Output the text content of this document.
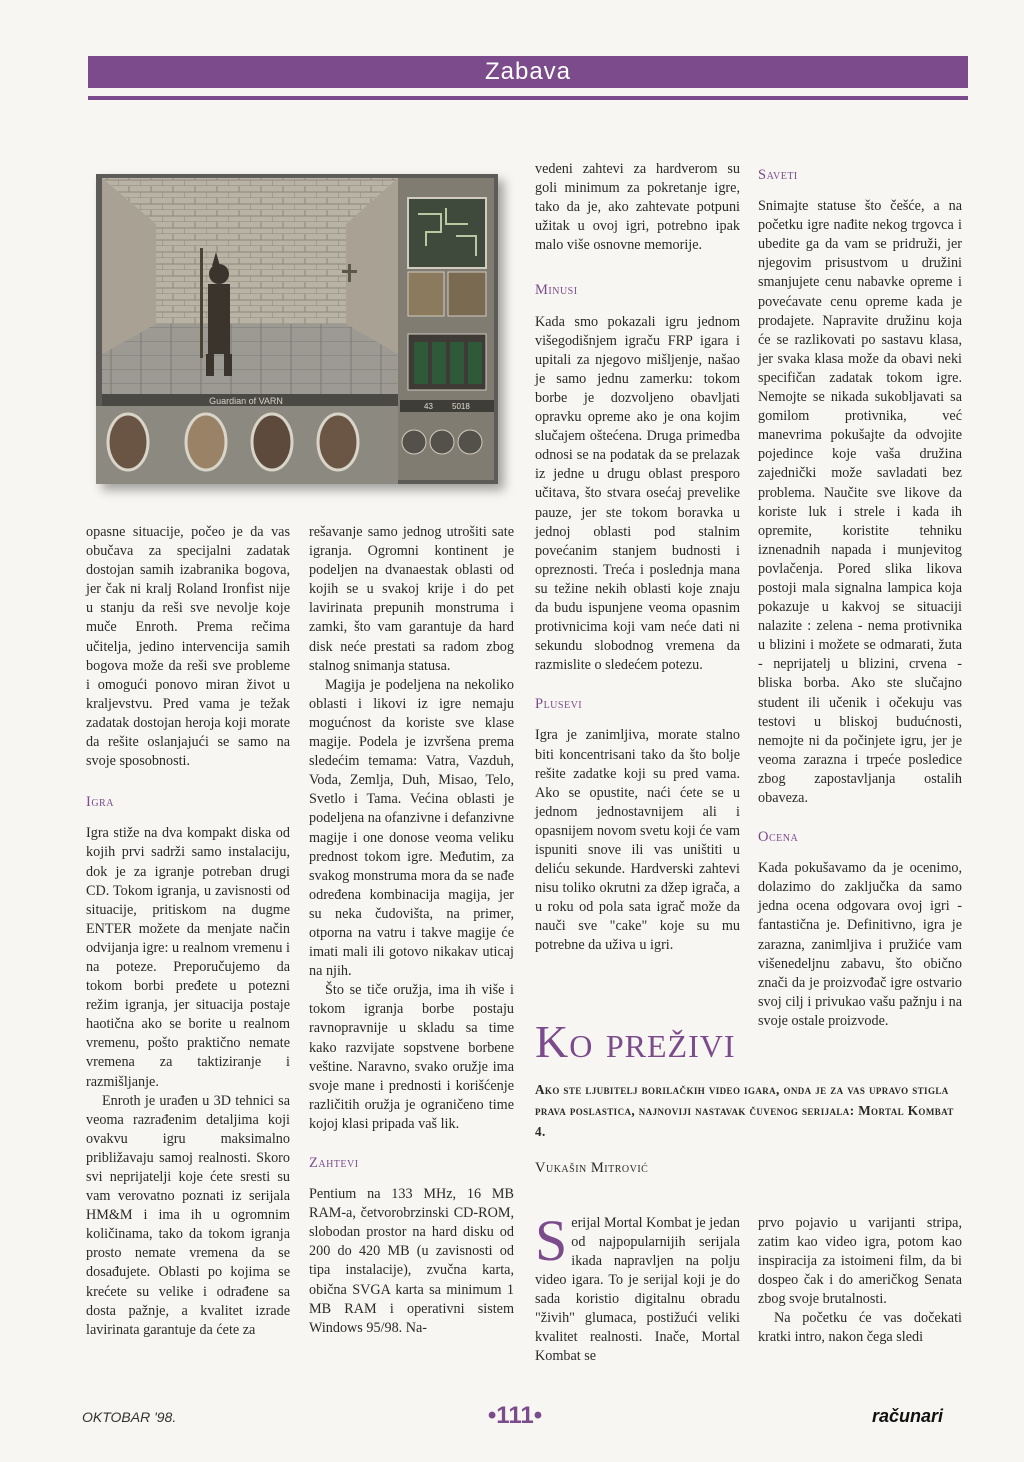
Zabava
Guardian of VARN
43 5018

opasne situacije, počeo je da vas obučava za specijalni zadatak dostojan samih izabranika bogova, jer čak ni kralj Roland Ironfist nije u stanju da reši sve nevolje koje muče Enroth. Prema rečima učitelja, jedino intervencija samih bogova može da reši sve probleme i omogući ponovo miran život u kraljevstvu. Pred vama je težak zadatak dostojan heroja koji morate da rešite oslanjajući se samo na svoje sposobnosti.

Igra

Igra stiže na dva kompakt diska od kojih prvi sadrži samo instalaciju, dok je za igranje potreban drugi CD. Tokom igranja, u zavisnosti od situacije, pritiskom na dugme ENTER možete da menjate način odvijanja igre: u realnom vremenu i na poteze. Preporučujemo da tokom borbi pređete u potezni režim igranja, jer situacija postaje haotična ako se borite u realnom vremenu, pošto praktično nemate vremena za taktiziranje i razmišljanje.

Enroth je urađen u 3D tehnici sa veoma razrađenim detaljima koji ovakvu igru maksimalno približavaju samoj realnosti. Skoro svi neprijatelji koje ćete sresti su vam verovatno poznati iz serijala HM&M i ima ih u ogromnim količinama, tako da tokom igranja prosto nemate vremena da se dosađujete. Oblasti po kojima se krećete su velike i odrađene sa dosta pažnje, a kvalitet izrade lavirinata garantuje da ćete za

rešavanje samo jednog utrošiti sate igranja. Ogromni kontinent je podeljen na dvanaestak oblasti od kojih se u svakoj krije i do pet lavirinata prepunih monstruma i zamki, što vam garantuje da hard disk neće prestati sa radom zbog stalnog snimanja statusa.

Magija je podeljena na nekoliko oblasti i likovi iz igre nemaju mogućnost da koriste sve klase magije. Podela je izvršena prema sledećim temama: Vatra, Vazduh, Voda, Zemlja, Duh, Misao, Telo, Svetlo i Tama. Većina oblasti je podeljena na ofanzivne i defanzivne magije i one donose veoma veliku prednost tokom igre. Međutim, za svakog monstruma mora da se nađe određena kombinacija magija, jer su neka čudovišta, na primer, otporna na vatru i takve magije će imati mali ili gotovo nikakav uticaj na njih.

Što se tiče oružja, ima ih više i tokom igranja borbe postaju ravnopravnije u skladu sa time kako razvijate sopstvene borbene veštine. Naravno, svako oružje ima svoje mane i prednosti i korišćenje različitih oružja je ograničeno time kojoj klasi pripada vaš lik.

Zahtevi

Pentium na 133 MHz, 16 MB RAM-a, četvorobrzinski CD-ROM, slobodan prostor na hard disku od 200 do 420 MB (u zavisnosti od tipa instalacije), zvučna karta, obična SVGA karta sa minimum 1 MB RAM i operativni sistem Windows 95/98. Na-

vedeni zahtevi za hardverom su goli minimum za pokretanje igre, tako da je, ako zahtevate potpuni užitak u ovoj igri, potrebno ipak malo više osnovne memorije.

Minusi

Kada smo pokazali igru jednom višegodišnjem igraču FRP igara i upitali za njegovo mišljenje, našao je samo jednu zamerku: tokom borbe je dozvoljeno obavljati opravku opreme ako je ona kojim slučajem oštećena. Druga primedba odnosi se na podatak da se prelazak iz jedne u drugu oblast presporo učitava, što stvara osećaj prevelike pauze, jer ste tokom boravka u jednoj oblasti pod stalnim povećanim stanjem budnosti i opreznosti. Treća i poslednja mana su težine nekih oblasti koje znaju da budu ispunjene veoma opasnim protivnicima koji vam neće dati ni sekundu slobodnog vremena da razmislite o sledećem potezu.

Plusevi

Igra je zanimljiva, morate stalno biti koncentrisani tako da što bolje rešite zadatke koji su pred vama. Ako se opustite, naći ćete se u jednom jednostavnijem ali i opasnijem novom svetu koji će vam ispuniti snove ili vas uništiti u deliću sekunde. Hardverski zahtevi nisu toliko okrutni za džep igrača, a u roku od pola sata igrač može da nauči sve "cake" koje su mu potrebne da uživa u igri.

Saveti

Snimajte statuse što češće, a na početku igre nađite nekog trgovca i ubedite ga da vam se pridruži, jer njegovim prisustvom u družini smanjujete cenu nabavke opreme i povećavate cenu opreme kada je prodajete. Napravite družinu koja će se razlikovati po sastavu klasa, jer svaka klasa može da obavi neki specifičan zadatak tokom igre. Nemojte se nikada sukobljavati sa gomilom protivnika, već manevrima pokušajte da odvojite pojedince koje vaša družina zajednički može savladati bez problema. Naučite sve likove da koriste luk i strele i kada ih opremite, koristite tehniku iznenadnih napada i munjevitog povlačenja. Pored slika likova postoji mala signalna lampica koja pokazuje u kakvoj se situaciji nalazite : zelena - nema protivnika u blizini i možete se odmarati, žuta - neprijatelj u blizini, crvena - bliska borba. Ako ste slučajno student ili učenik i očekuju vas testovi u bliskoj budućnosti, nemojte ni da počinjete igru, jer je veoma zarazna i trpeće posledice zbog zapostavljanja ostalih obaveza.

Ocena

Kada pokušavamo da je ocenimo, dolazimo do zaključka da samo jedna ocena odgovara ovoj igri - fantastična je. Definitivno, igra je zarazna, zanimljiva i pružiće vam višenedeljnu zabavu, što obično znači da je proizvođač igre ostvario svoj cilj i privukao vašu pažnju i na svoje ostale proizvode.

Ko preživi
Ako ste ljubitelj borilačkih video igara, onda je za vas upravo stigla prava poslastica, najnoviji nastavak čuvenog serijala: Mortal Kombat 4.
Vukašin Mitrović
S erijal Mortal Kombat je jedan od najpopularnijih serijala ikada napravljen na polju video igara. To je serijal koji je do sada koristio digitalnu obradu "živih" glumaca, postižući veliki kvalitet realnosti. Inače, Mortal Kombat se

prvo pojavio u varijanti stripa, zatim kao video igra, potom kao inspiracija za istoimeni film, da bi dospeo čak i do američkog Senata zbog svoje brutalnosti.

Na početku će vas dočekati kratki intro, nakon čega sledi

OKTOBAR '98.	•111•	računari
